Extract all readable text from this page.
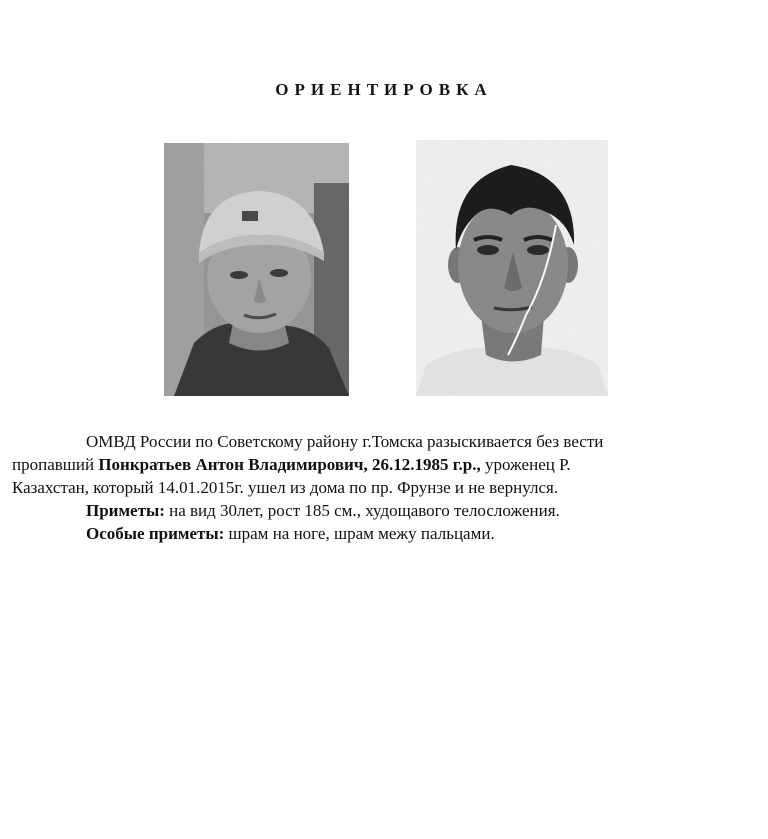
ОРИЕНТИРОВКА
ОМВД России по Советскому району г.Томска разыскивается без вести
пропавший Понкратьев Антон Владимирович, 26.12.1985 г.р., уроженец Р.
Казахстан, который 14.01.2015г. ушел из дома по пр. Фрунзе и не вернулся.
Приметы: на вид 30лет, рост 185 см., худощавого телосложения.
Особые приметы: шрам на ноге, шрам межу пальцами.
